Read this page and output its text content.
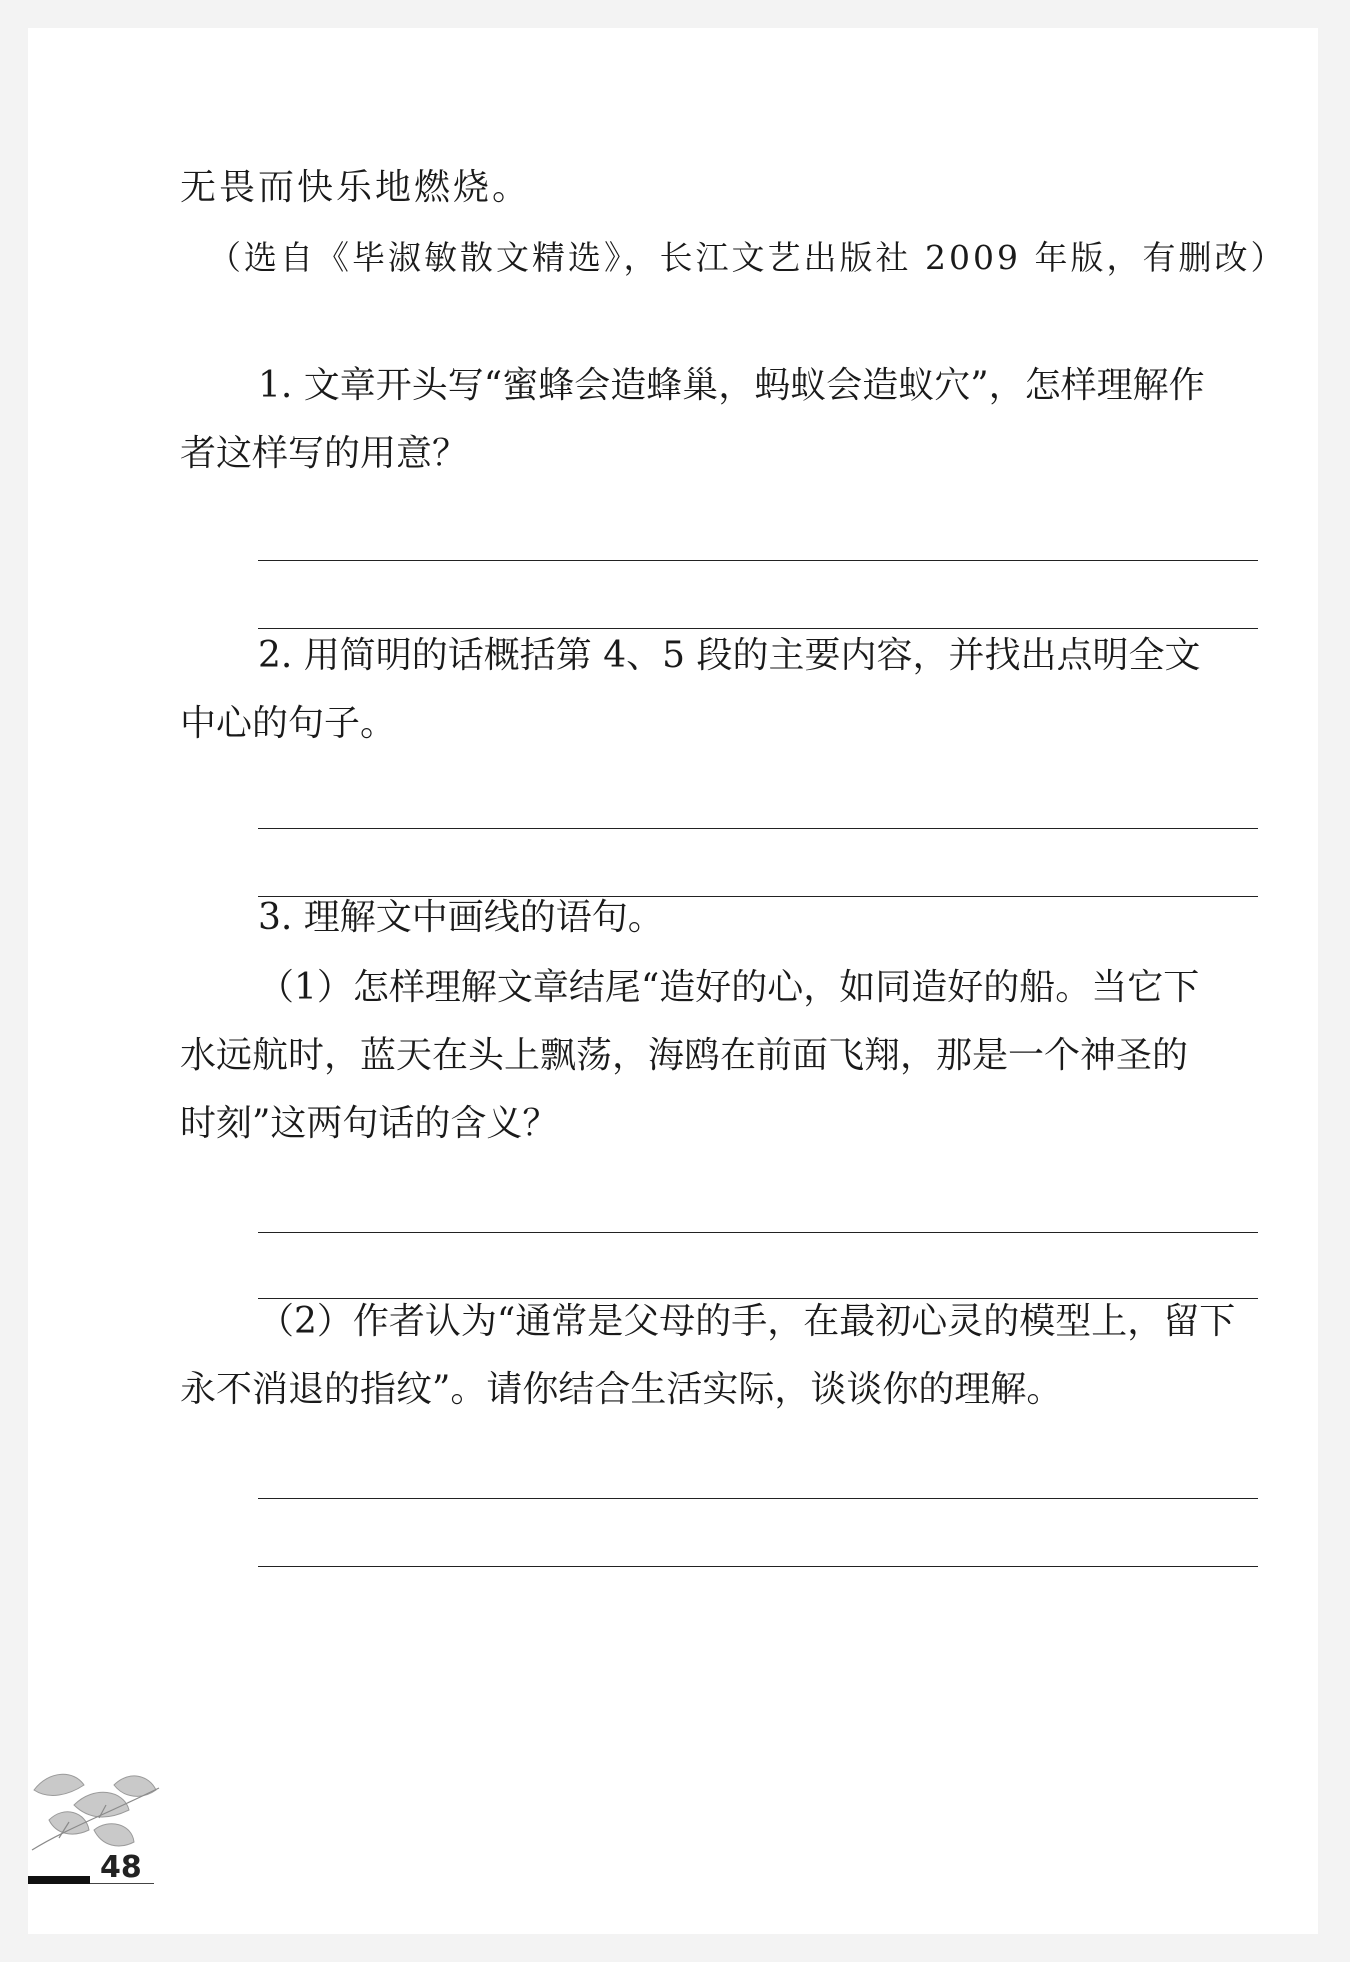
无畏而快乐地燃烧。
（选自《毕淑敏散文精选》，长江文艺出版社 2009 年版，有删改）
1. 文章开头写“蜜蜂会造蜂巢，蚂蚁会造蚁穴”，怎样理解作
者这样写的用意？
2. 用简明的话概括第 4、5 段的主要内容，并找出点明全文
中心的句子。
3. 理解文中画线的语句。
（1）怎样理解文章结尾“造好的心，如同造好的船。当它下
水远航时，蓝天在头上飘荡，海鸥在前面飞翔，那是一个神圣的
时刻”这两句话的含义？
（2）作者认为“通常是父母的手，在最初心灵的模型上，留下
永不消退的指纹”。请你结合生活实际，谈谈你的理解。
48
